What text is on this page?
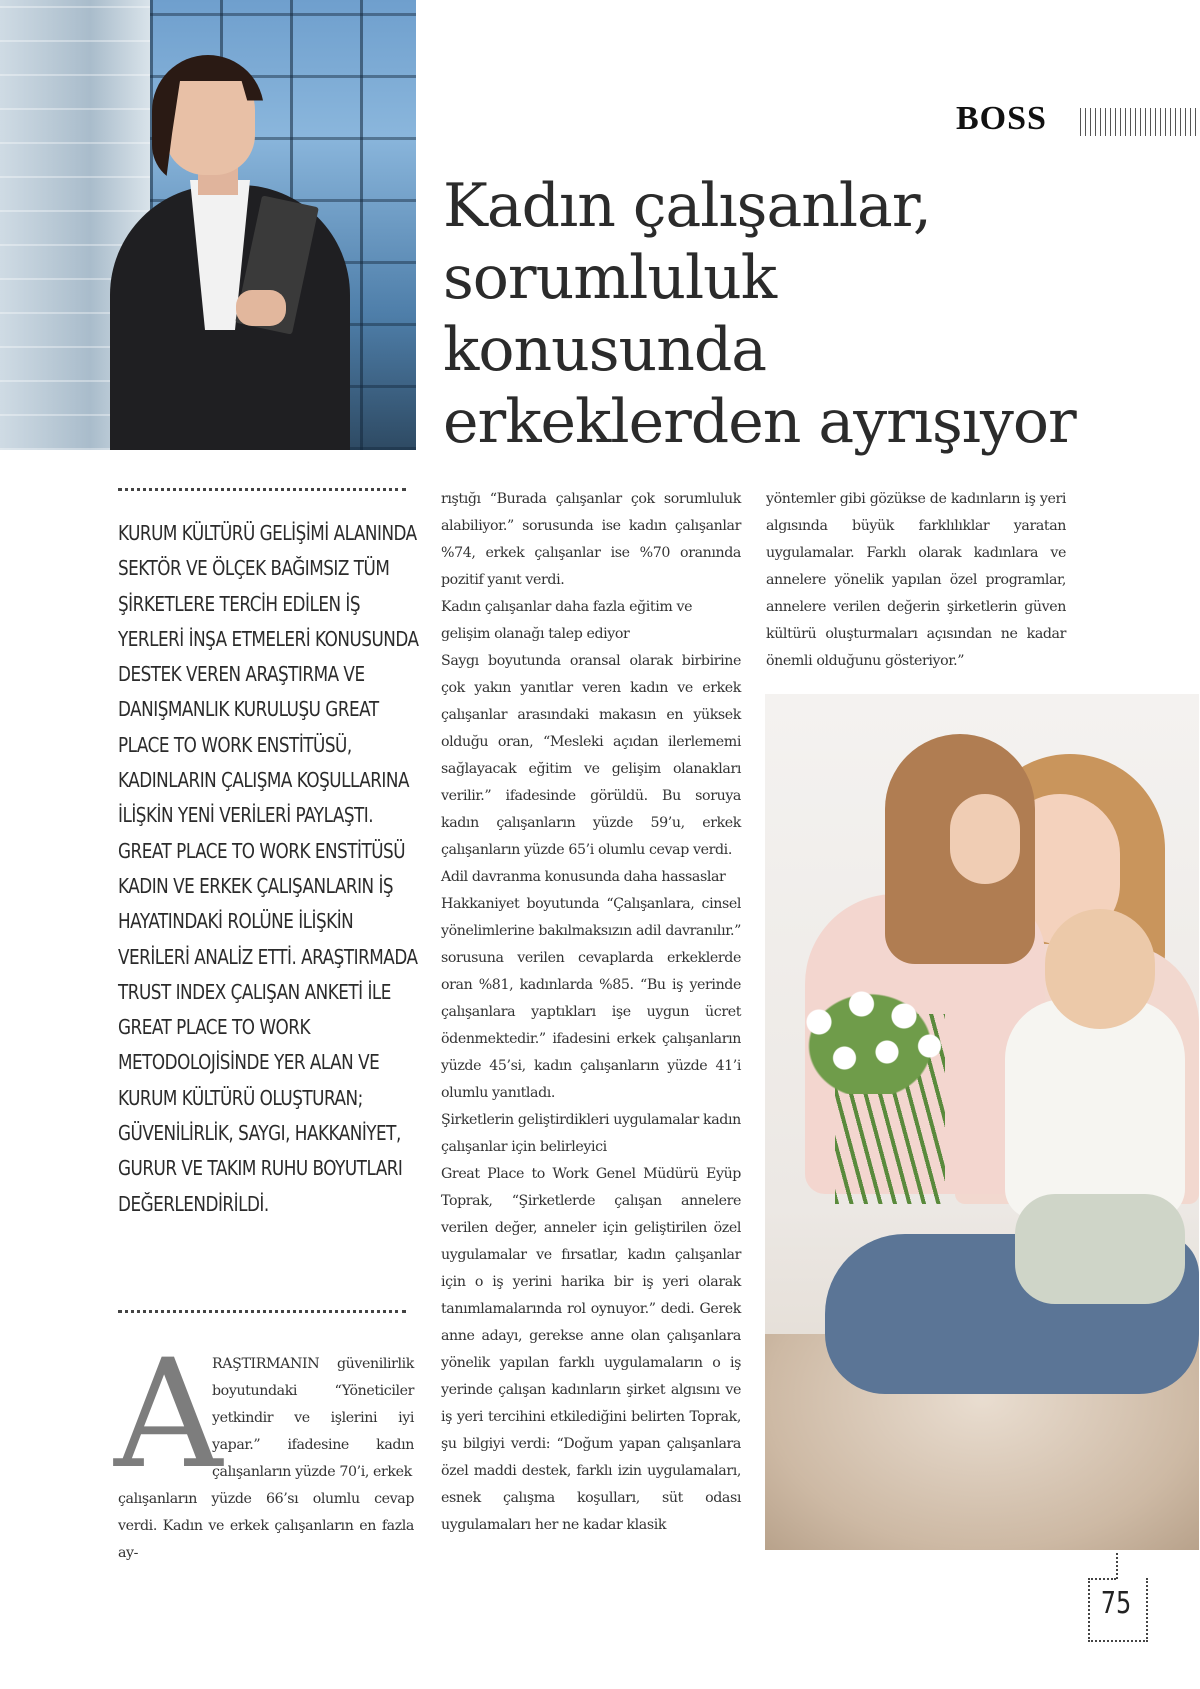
BOSS
Kadın çalışanlar,
sorumluluk
konusunda
erkeklerden ayrışıyor

KURUM KÜLTÜRÜ GELİŞİMİ ALANINDA SEKTÖR VE ÖLÇEK BAĞIMSIZ TÜM ŞİRKETLERE TERCİH EDİLEN İŞ YERLERİ İNŞA ETMELERİ KONUSUNDA DESTEK VEREN ARAŞTIRMA VE DANIŞMANLIK KURULUŞU GREAT PLACE TO WORK ENSTİTÜSÜ, KADINLARIN ÇALIŞMA KOŞULLARINA İLİŞKİN YENİ VERİLERİ PAYLAŞTI. GREAT PLACE TO WORK ENSTİTÜSÜ KADIN VE ERKEK ÇALIŞANLARIN İŞ HAYATINDAKİ ROLÜNE İLİŞKİN VERİLERİ ANALİZ ETTİ. ARAŞTIRMADA TRUST INDEX ÇALIŞAN ANKETİ İLE GREAT PLACE TO WORK METODOLOJİSİNDE YER ALAN VE KURUM KÜLTÜRÜ OLUŞTURAN; GÜVENİLİRLİK, SAYGI, HAKKANİYET, GURUR VE TAKIM RUHU BOYUTLARI DEĞERLENDİRİLDİ.

A

RAŞTIRMANIN güvenilirlik boyutundaki “Yöneticiler yetkindir ve işlerini iyi yapar.” ifadesine kadın çalışanların yüzde 70’i, erkek

çalışanların yüzde 66’sı olumlu cevap verdi. Kadın ve erkek çalışanların en fazla ay-

rıştığı “Burada çalışanlar çok sorumluluk alabiliyor.” sorusunda ise kadın çalışanlar %74, erkek çalışanlar ise %70 oranında pozitif yanıt verdi.

Kadın çalışanlar daha fazla eğitim ve gelişim olanağı talep ediyor

Saygı boyutunda oransal olarak birbirine çok yakın yanıtlar veren kadın ve erkek çalışanlar arasındaki makasın en yüksek olduğu oran, “Mesleki açıdan ilerlememi sağlayacak eğitim ve gelişim olanakları verilir.” ifadesinde görüldü. Bu soruya kadın çalışanların yüzde 59’u, erkek çalışanların yüzde 65’i olumlu cevap verdi.

Adil davranma konusunda daha hassaslar

Hakkaniyet boyutunda “Çalışanlara, cinsel yönelimlerine bakılmaksızın adil davranılır.” sorusuna verilen cevaplarda erkeklerde oran %81, kadınlarda %85. “Bu iş yerinde çalışanlara yaptıkları işe uygun ücret ödenmektedir.” ifadesini erkek çalışanların yüzde 45’si, kadın çalışanların yüzde 41’i olumlu yanıtladı.

Şirketlerin geliştirdikleri uygulamalar kadın çalışanlar için belirleyici

Great Place to Work Genel Müdürü Eyüp Toprak, “Şirketlerde çalışan annelere verilen değer, anneler için geliştirilen özel uygulamalar ve fırsatlar, kadın çalışanlar için o iş yerini harika bir iş yeri olarak tanımlamalarında rol oynuyor.” dedi. Gerek anne adayı, gerekse anne olan çalışanlara yönelik yapılan farklı uygulamaların o iş yerinde çalışan kadınların şirket algısını ve iş yeri tercihini etkilediğini belirten Toprak, şu bilgiyi verdi: “Doğum yapan çalışanlara özel maddi destek, farklı izin uygulamaları, esnek çalışma koşulları, süt odası uygulamaları her ne kadar klasik

yöntemler gibi gözükse de kadınların iş yeri algısında büyük farklılıklar yaratan uygulamalar. Farklı olarak kadınlara ve annelere yönelik yapılan özel programlar, annelere verilen değerin şirketlerin güven kültürü oluşturmaları açısından ne kadar önemli olduğunu gösteriyor.”

75
